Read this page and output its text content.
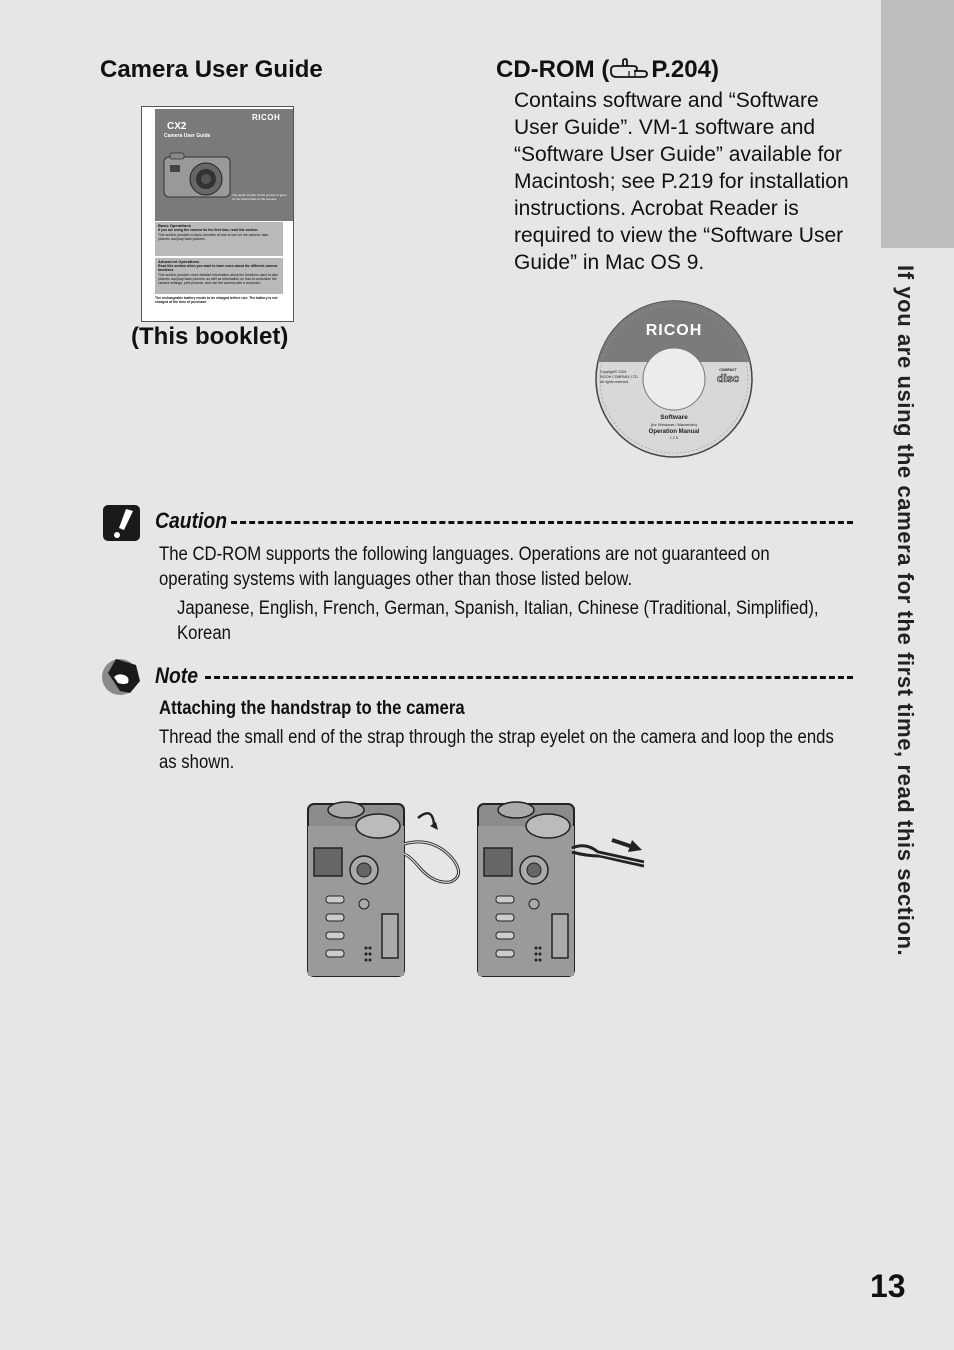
If you are using the camera for the first time, read this section.
Camera User Guide
RICOH
CX2
Camera User Guide
The serial number of this product is given on the bottom face of the camera.
Basic Operations
If you are using the camera for the first time, read this section.
This section provides a basic overview of how to turn on the camera, take pictures and play back pictures.
Advanced Operations
Read this section when you want to learn more about the different camera functions.
This section provides more detailed information about the functions used to take pictures and play back pictures, as well as information on how to customize the camera settings, print pictures, and use the camera with a computer.
The rechargeable battery needs to be charged before use. The battery is not charged at the time of purchase.
(This booklet)
CD-ROM ( P.204)
Contains software and “Software User Guide”. VM-1 software and “Software User Guide” available for Macintosh; see P.219 for installation instructions. Acrobat Reader is required to view the “Software User Guide” in Mac OS 9.
RICOH
Copyright© 2009 RICOH COMPANY, LTD. All rights reserved.
COMPACT
disc
Software
(for Windows / Macintosh)
Operation Manual
1.2 S
Caution
The CD-ROM supports the following languages. Operations are not guaranteed on operating systems with languages other than those listed below.
Japanese, English, French, German, Spanish, Italian, Chinese (Traditional, Simplified), Korean
Note
Attaching the handstrap to the camera
Thread the small end of the strap through the strap eyelet on the camera and loop the ends as shown.
13
